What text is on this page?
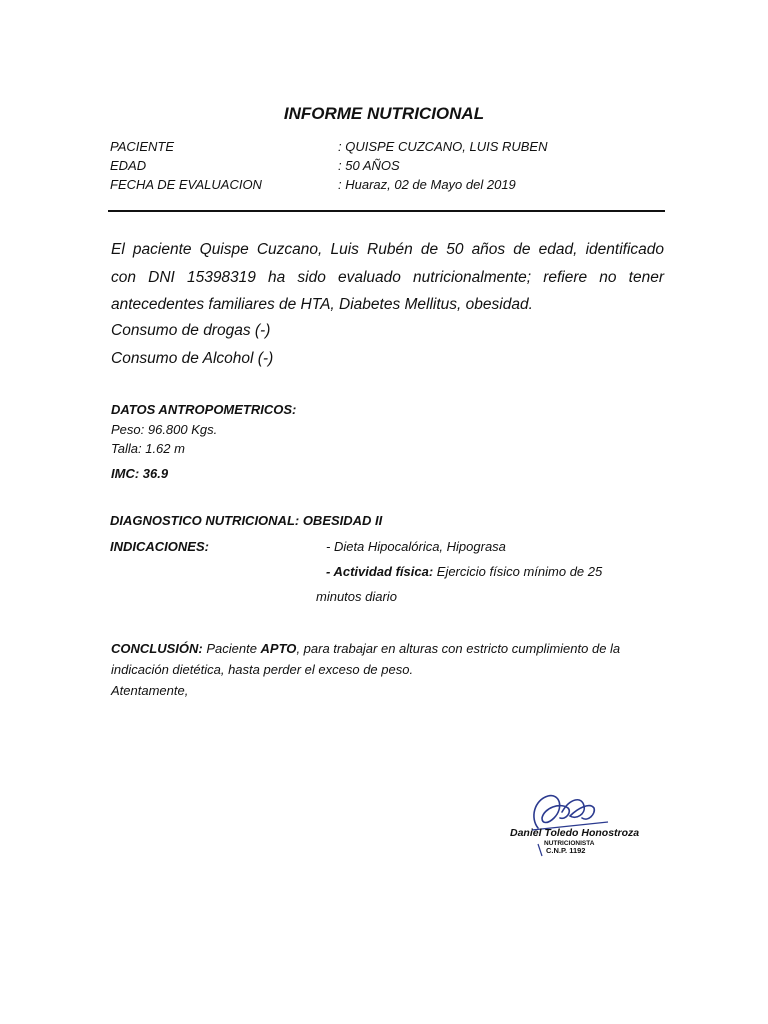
INFORME NUTRICIONAL
PACIENTE	: QUISPE CUZCANO, LUIS RUBEN
EDAD	: 50 AÑOS
FECHA DE EVALUACION	: Huaraz, 02 de Mayo del 2019
El paciente Quispe Cuzcano, Luis Rubén de 50 años de edad, identificado
con DNI 15398319 ha sido evaluado nutricionalmente; refiere no tener
antecedentes familiares de HTA, Diabetes Mellitus, obesidad.
Consumo de drogas (-)
Consumo de Alcohol (-)
DATOS ANTROPOMETRICOS:
Peso: 96.800 Kgs.
Talla: 1.62 m
IMC: 36.9
DIAGNOSTICO NUTRICIONAL: OBESIDAD II
INDICACIONES:	- Dieta Hipocalórica, Hipograsa
- Actividad física: Ejercicio físico mínimo de 25
minutos diario
CONCLUSIÓN: Paciente APTO, para trabajar en alturas con estricto cumplimiento de la indicación dietética, hasta perder el exceso de peso.
Atentamente,
Daniel Toledo Honostroza
NUTRICIONISTA
C.N.P. 1192
